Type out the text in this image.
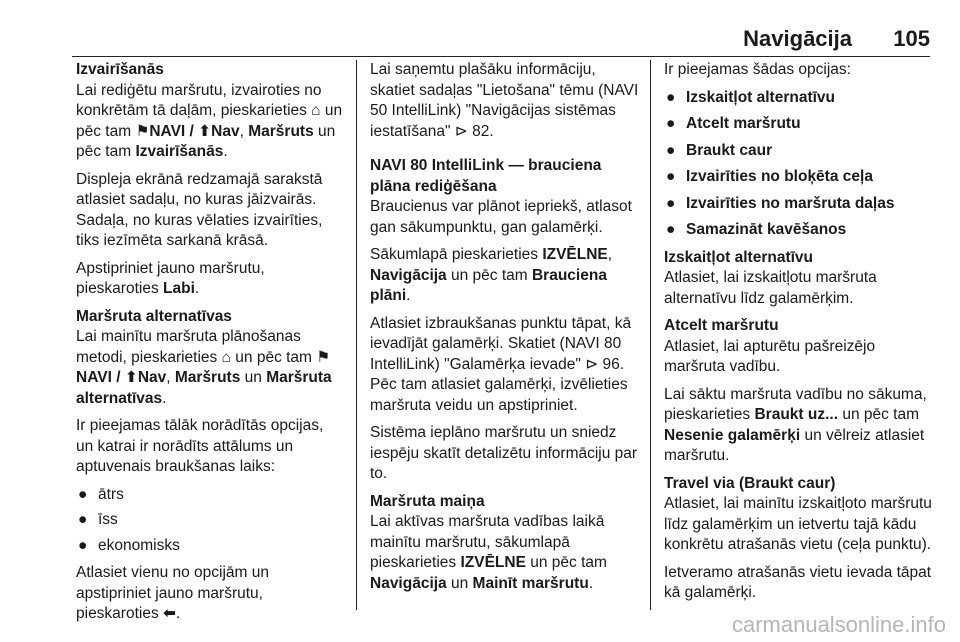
Navigācija 105
Izvairīšanās

Lai rediģētu maršrutu, izvairoties no konkrētām tā daļām, pieskarieties ⌂ un pēc tam ⚑NAVI / ⬆Nav, Maršruts un pēc tam Izvairīšanās.

Displeja ekrānā redzamajā sarakstā atlasiet sadaļu, no kuras jāizvairās. Sadaļa, no kuras vēlaties izvairīties, tiks iezīmēta sarkanā krāsā.

Apstipriniet jauno maršrutu, pieskaroties Labi.

Maršruta alternatīvas

Lai mainītu maršruta plānošanas metodi, pieskarieties ⌂ un pēc tam ⚑NAVI / ⬆Nav, Maršruts un Maršruta alternatīvas.

Ir pieejamas tālāk norādītās opcijas, un katrai ir norādīts attālums un aptuvenais braukšanas laiks:

● ātrs
● īss
● ekonomisks

Atlasiet vienu no opcijām un apstipriniet jauno maršrutu, pieskaroties ⬅.

Lai saņemtu plašāku informāciju, skatiet sadaļas "Lietošana" tēmu (NAVI 50 IntelliLink) "Navigācijas sistēmas iestatīšana" ⊳ 82.

NAVI 80 IntelliLink — brauciena plāna rediģēšana

Braucienus var plānot iepriekš, atlasot gan sākumpunktu, gan galamērķi.

Sākumlapā pieskarieties IZVĒLNE, Navigācija un pēc tam Brauciena plāni.

Atlasiet izbraukšanas punktu tāpat, kā ievadījāt galamērķi. Skatiet (NAVI 80 IntelliLink) "Galamērķa ievade" ⊳ 96. Pēc tam atlasiet galamērķi, izvēlieties maršruta veidu un apstipriniet.

Sistēma ieplāno maršrutu un sniedz iespēju skatīt detalizētu informāciju par to.

Maršruta maiņa

Lai aktīvas maršruta vadības laikā mainītu maršrutu, sākumlapā pieskarieties IZVĒLNE un pēc tam Navigācija un Mainīt maršrutu.

Ir pieejamas šādas opcijas:

● Izskaitļot alternatīvu
● Atcelt maršrutu
● Braukt caur
● Izvairīties no bloķēta ceļa
● Izvairīties no maršruta daļas
● Samazināt kavēšanos
Izskaitļot alternatīvu

Atlasiet, lai izskaitļotu maršruta alternatīvu līdz galamērķim.

Atcelt maršrutu

Atlasiet, lai apturētu pašreizējo maršruta vadību.

Lai sāktu maršruta vadību no sākuma, pieskarieties Braukt uz... un pēc tam Nesenie galamērķi un vēlreiz atlasiet maršrutu.

Travel via (Braukt caur)

Atlasiet, lai mainītu izskaitļoto maršrutu līdz galamērķim un ietvertu tajā kādu konkrētu atrašanās vietu (ceļa punktu).

Ietveramo atrašanās vietu ievada tāpat kā galamērķi.

carmanualsonline.info
